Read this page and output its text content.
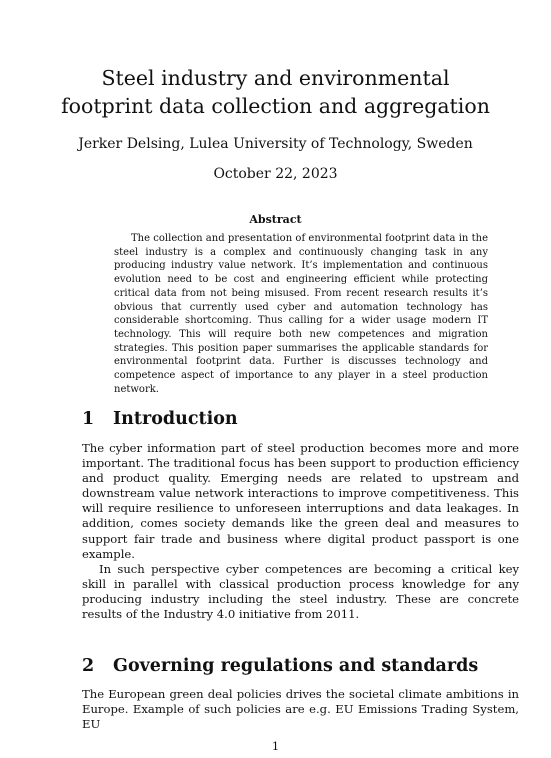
Steel industry and environmental footprint data collection and aggregation
Jerker Delsing, Lulea University of Technology, Sweden
October 22, 2023
Abstract

The collection and presentation of environmental footprint data in the steel industry is a complex and continuously changing task in any producing industry value network. It’s implementation and continuous evolution need to be cost and engineering efficient while protecting critical data from not being misused. From recent research results it’s obvious that currently used cyber and automation technology has considerable shortcoming. Thus calling for a wider usage modern IT technology. This will require both new competences and migration strategies. This position paper summarises the applicable standards for environmental footprint data. Further is discusses technology and competence aspect of importance to any player in a steel production network.

1 Introduction

The cyber information part of steel production becomes more and more important. The traditional focus has been support to production efficiency and product quality. Emerging needs are related to upstream and downstream value network interactions to improve competitiveness. This will require resilience to unforeseen interruptions and data leakages. In addition, comes society demands like the green deal and measures to support fair trade and business where digital product passport is one example.

In such perspective cyber competences are becoming a critical key skill in parallel with classical production process knowledge for any producing industry including the steel industry. These are concrete results of the Industry 4.0 initiative from 2011.

2 Governing regulations and standards

The European green deal policies drives the societal climate ambitions in Europe. Example of such policies are e.g. EU Emissions Trading System, EU

1
